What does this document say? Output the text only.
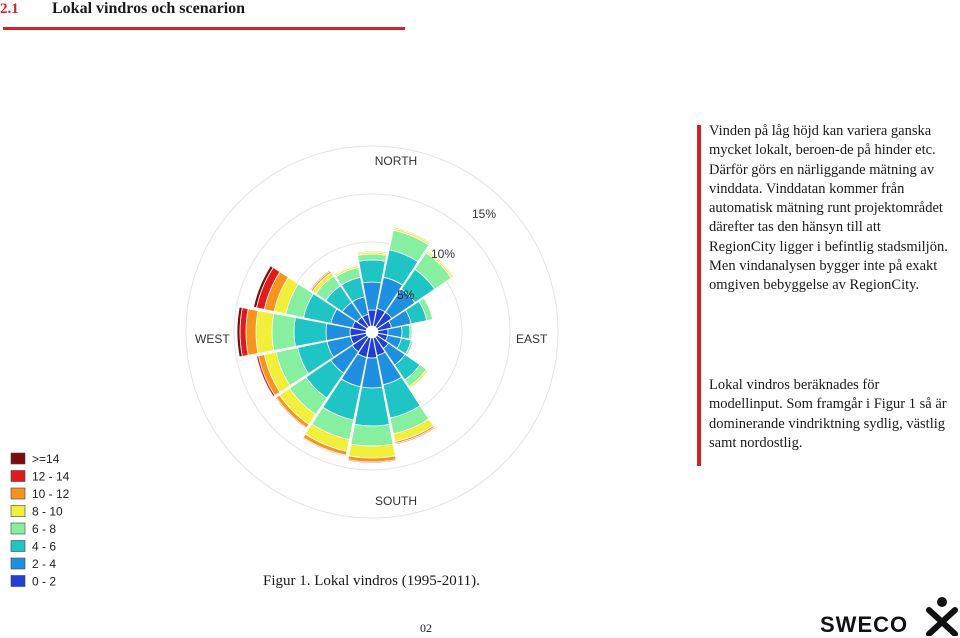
2.1	Lokal vindros och scenarion
NORTH
SOUTH
WEST	EAST
5%
10%
15%
>=14
12 - 14
10 - 12
8 - 10
6 - 8
4 - 6
2 - 4
0 - 2

Vinden på låg höjd kan variera ganska mycket lokalt, beroen-de på hinder etc. Därför görs en närliggande mätning av vinddata. Vinddatan kommer från automatisk mätning runt projektområdet därefter tas den hänsyn till att RegionCity ligger i befintlig stadsmiljön. Men vindanalysen bygger inte på exakt omgiven bebyggelse av RegionCity.

Lokal vindros beräknades för modellinput. Som framgår i Figur 1 så är dominerande vindriktning sydlig, västlig samt nordostlig.

Figur 1. Lokal vindros (1995-2011).
02	SWECO
